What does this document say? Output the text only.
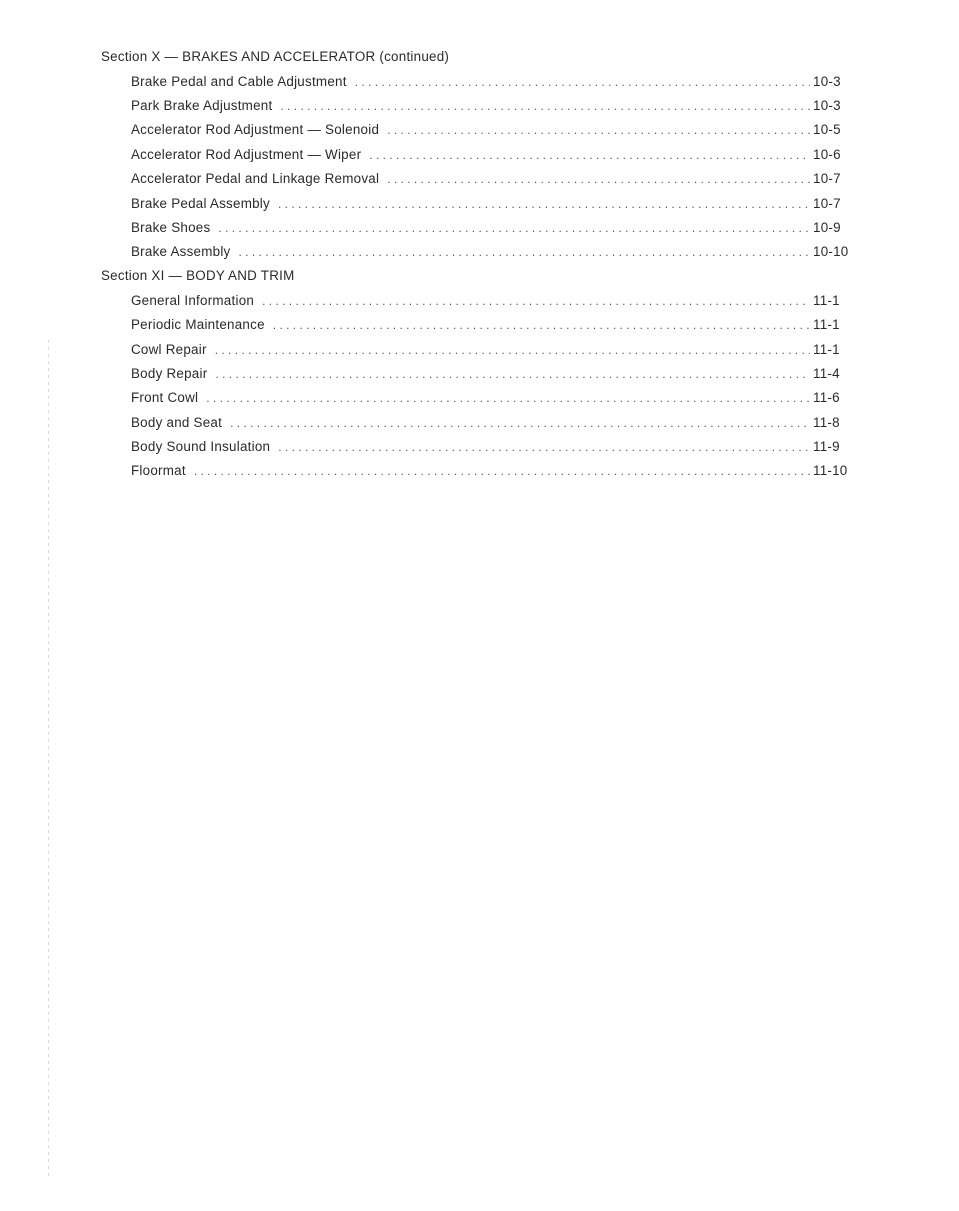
Section X — BRAKES AND ACCELERATOR (continued)
Brake Pedal and Cable Adjustment . . .	10-3
Park Brake Adjustment . . .	10-3
Accelerator Rod Adjustment — Solenoid . . .	10-5
Accelerator Rod Adjustment — Wiper . . .	10-6
Accelerator Pedal and Linkage Removal . . .	10-7
Brake Pedal Assembly . . .	10-7
Brake Shoes . . .	10-9
Brake Assembly . . .	10-10
Section XI — BODY AND TRIM
General Information . . .	11-1
Periodic Maintenance . . .	11-1
Cowl Repair . . .	11-1
Body Repair . . .	11-4
Front Cowl . . .	11-6
Body and Seat . . .	11-8
Body Sound Insulation . . .	11-9
Floormat . . .	11-10
